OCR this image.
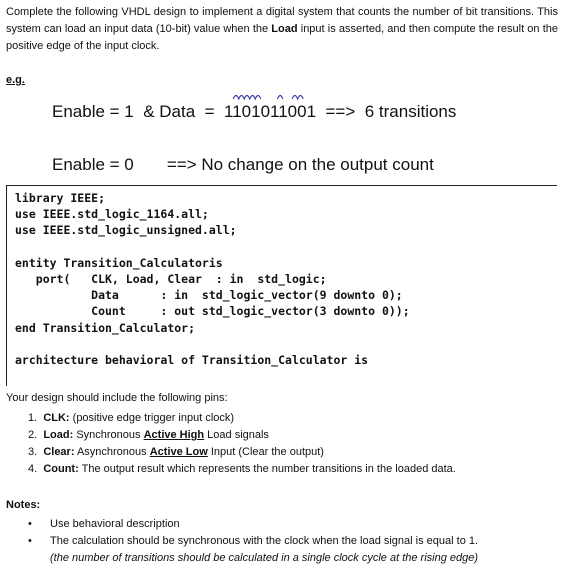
Complete the following VHDL design to implement a digital system that counts the number of bit transitions. This system can load an input data (10-bit) value when the Load input is asserted, and then compute the result on the positive edge of the input clock.
e.g.
Enable = 1  & Data  =
1101011001  ==>  6 transitions
Enable = 0       ==> No change on the output count
library IEEE;
use IEEE.std_logic_1164.all;
use IEEE.std_logic_unsigned.all;

entity Transition_Calculatoris
port(   CLK, Load, Clear  : in  std_logic;
Data      : in  std_logic_vector(9 downto 0);
Count     : out std_logic_vector(3 downto 0));
end Transition_Calculator;

architecture behavioral of Transition_Calculator is
Your design should include the following pins:
1. CLK: (positive edge trigger input clock)
2. Load: Synchronous Active High Load signals
3. Clear: Asynchronous Active Low Input (Clear the output)
4. Count: The output result which represents the number transitions in the loaded data.
Notes:
•	Use behavioral description
•	The calculation should be synchronous with the clock when the load signal is equal to 1.
(the number of transitions should be calculated in a single clock cycle at the rising edge)
